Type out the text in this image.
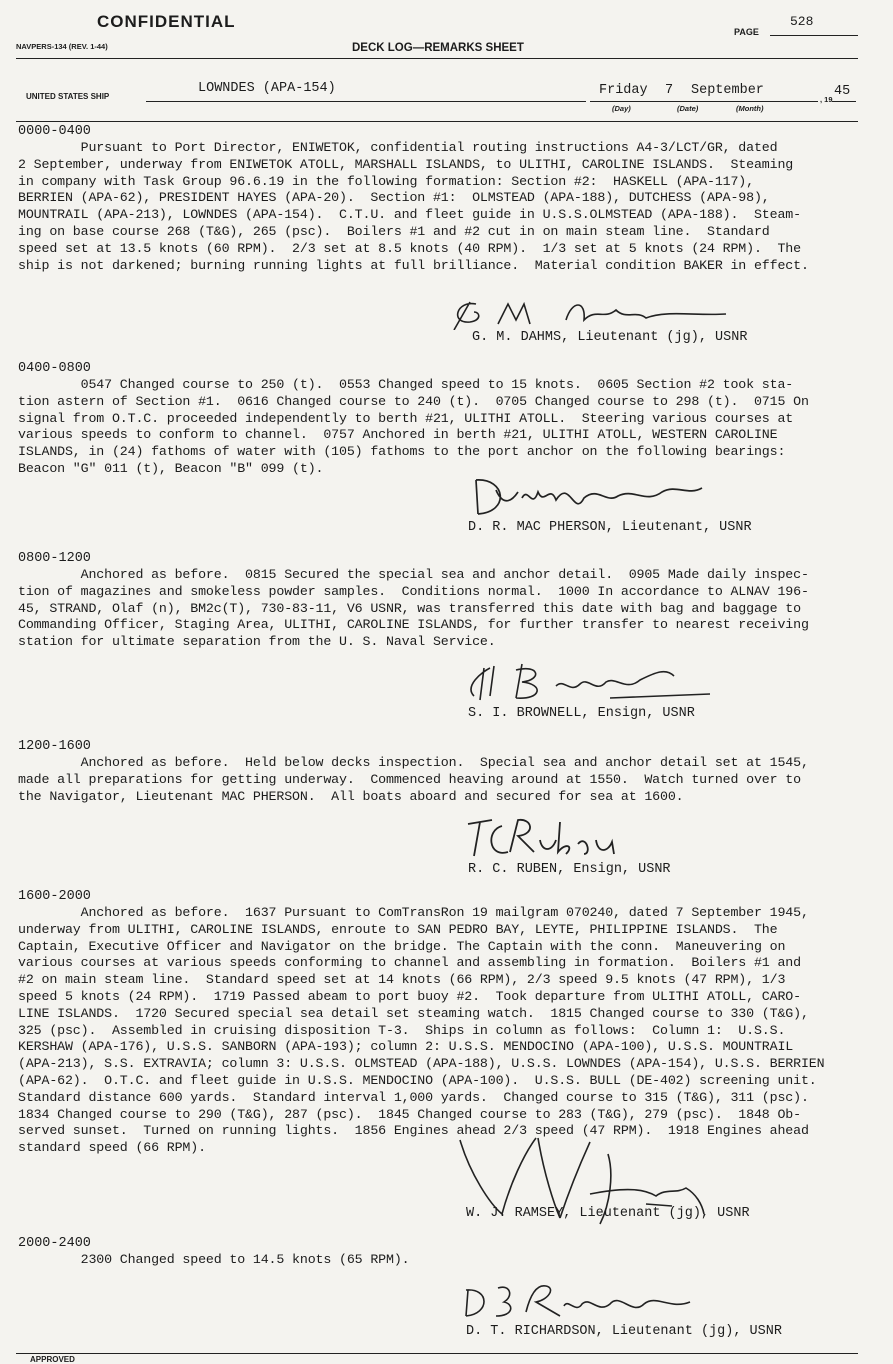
CONFIDENTIAL
PAGE
528
NAVPERS-134 (REV. 1-44)	DECK LOG—REMARKS SHEET
UNITED STATES SHIP
LOWNDES (APA-154)	Friday 7 September
(Day)	(Date)	(Month)
, 19
45
0000-0400
Pursuant to Port Director, ENIWETOK, confidential routing instructions A4-3/LCT/GR, dated
2 September, underway from ENIWETOK ATOLL, MARSHALL ISLANDS, to ULITHI, CAROLINE ISLANDS.  Steaming
in company with Task Group 96.6.19 in the following formation: Section #2:  HASKELL (APA-117),
BERRIEN (APA-62), PRESIDENT HAYES (APA-20).  Section #1:  OLMSTEAD (APA-188), DUTCHESS (APA-98),
MOUNTRAIL (APA-213), LOWNDES (APA-154).  C.T.U. and fleet guide in U.S.S.OLMSTEAD (APA-188).  Steam-
ing on base course 268 (T&G), 265 (psc).  Boilers #1 and #2 cut in on main steam line.  Standard
speed set at 13.5 knots (60 RPM).  2/3 set at 8.5 knots (40 RPM).  1/3 set at 5 knots (24 RPM).  The
ship is not darkened; burning running lights at full brilliance.  Material condition BAKER in effect.
G. M. DAHMS, Lieutenant (jg), USNR
0400-0800
0547 Changed course to 250 (t).  0553 Changed speed to 15 knots.  0605 Section #2 took sta-
tion astern of Section #1.  0616 Changed course to 240 (t).  0705 Changed course to 298 (t).  0715 On
signal from O.T.C. proceeded independently to berth #21, ULITHI ATOLL.  Steering various courses at
various speeds to conform to channel.  0757 Anchored in berth #21, ULITHI ATOLL, WESTERN CAROLINE
ISLANDS, in (24) fathoms of water with (105) fathoms to the port anchor on the following bearings:
Beacon "G" 011 (t), Beacon "B" 099 (t).
D. R. MAC PHERSON, Lieutenant, USNR
0800-1200
Anchored as before.  0815 Secured the special sea and anchor detail.  0905 Made daily inspec-
tion of magazines and smokeless powder samples.  Conditions normal.  1000 In accordance to ALNAV 196-
45, STRAND, Olaf (n), BM2c(T), 730-83-11, V6 USNR, was transferred this date with bag and baggage to
Commanding Officer, Staging Area, ULITHI, CAROLINE ISLANDS, for further transfer to nearest receiving
station for ultimate separation from the U. S. Naval Service.
S. I. BROWNELL, Ensign, USNR
1200-1600
Anchored as before.  Held below decks inspection.  Special sea and anchor detail set at 1545,
made all preparations for getting underway.  Commenced heaving around at 1550.  Watch turned over to
the Navigator, Lieutenant MAC PHERSON.  All boats aboard and secured for sea at 1600.
R. C. RUBEN, Ensign, USNR
1600-2000
Anchored as before.  1637 Pursuant to ComTransRon 19 mailgram 070240, dated 7 September 1945,
underway from ULITHI, CAROLINE ISLANDS, enroute to SAN PEDRO BAY, LEYTE, PHILIPPINE ISLANDS.  The
Captain, Executive Officer and Navigator on the bridge. The Captain with the conn.  Maneuvering on
various courses at various speeds conforming to channel and assembling in formation.  Boilers #1 and
#2 on main steam line.  Standard speed set at 14 knots (66 RPM), 2/3 speed 9.5 knots (47 RPM), 1/3
speed 5 knots (24 RPM).  1719 Passed abeam to port buoy #2.  Took departure from ULITHI ATOLL, CARO-
LINE ISLANDS.  1720 Secured special sea detail set steaming watch.  1815 Changed course to 330 (T&G),
325 (psc).  Assembled in cruising disposition T-3.  Ships in column as follows:  Column 1:  U.S.S.
KERSHAW (APA-176), U.S.S. SANBORN (APA-193); column 2: U.S.S. MENDOCINO (APA-100), U.S.S. MOUNTRAIL
(APA-213), S.S. EXTRAVIA; column 3: U.S.S. OLMSTEAD (APA-188), U.S.S. LOWNDES (APA-154), U.S.S. BERRIEN
(APA-62).  O.T.C. and fleet guide in U.S.S. MENDOCINO (APA-100).  U.S.S. BULL (DE-402) screening unit.
Standard distance 600 yards.  Standard interval 1,000 yards.  Changed course to 315 (T&G), 311 (psc).
1834 Changed course to 290 (T&G), 287 (psc).  1845 Changed course to 283 (T&G), 279 (psc).  1848 Ob-
served sunset.  Turned on running lights.  1856 Engines ahead 2/3 speed (47 RPM).  1918 Engines ahead
standard speed (66 RPM).
W. J. RAMSEY, Lieutenant (jg), USNR
2000-2400
2300 Changed speed to 14.5 knots (65 RPM).
D. T. RICHARDSON, Lieutenant (jg), USNR
APPROVED
